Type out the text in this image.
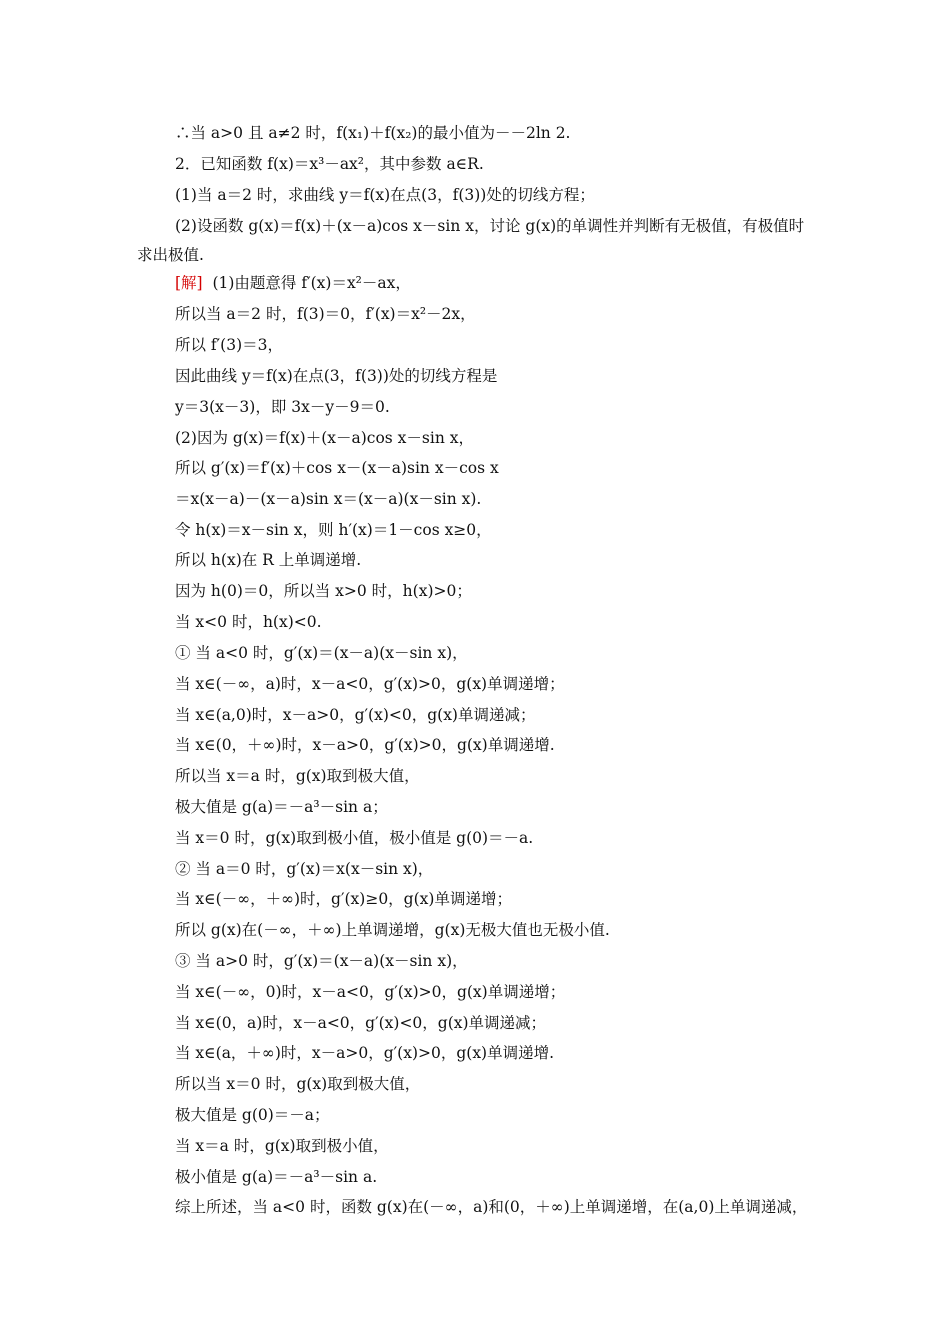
∴当 a>0 且 a≠2 时，f(x₁)＋f(x₂)的最小值为－－2ln 2.
2．已知函数 f(x)＝x³－ax²，其中参数 a∈R.
(1)当 a＝2 时，求曲线 y＝f(x)在点(3，f(3))处的切线方程；
(2)设函数 g(x)＝f(x)＋(x－a)cos x－sin x，讨论 g(x)的单调性并判断有无极值，有极值时
求出极值.
[解] (1)由题意得 f′(x)＝x²－ax，
所以当 a＝2 时，f(3)＝0，f′(x)＝x²－2x，
所以 f′(3)＝3，
因此曲线 y＝f(x)在点(3，f(3))处的切线方程是
y＝3(x－3)，即 3x－y－9＝0.
(2)因为 g(x)＝f(x)＋(x－a)cos x－sin x，
所以 g′(x)＝f′(x)＋cos x－(x－a)sin x－cos x
＝x(x－a)－(x－a)sin x＝(x－a)(x－sin x).
令 h(x)＝x－sin x，则 h′(x)＝1－cos x≥0，
所以 h(x)在 R 上单调递增.
因为 h(0)＝0，所以当 x>0 时，h(x)>0；
当 x<0 时，h(x)<0.
① 当 a<0 时，g′(x)＝(x－a)(x－sin x)，
当 x∈(－∞，a)时，x－a<0，g′(x)>0，g(x)单调递增；
当 x∈(a,0)时，x－a>0，g′(x)<0，g(x)单调递减；
当 x∈(0，＋∞)时，x－a>0，g′(x)>0，g(x)单调递增.
所以当 x＝a 时，g(x)取到极大值，
极大值是 g(a)＝－a³－sin a；
当 x＝0 时，g(x)取到极小值，极小值是 g(0)＝－a.
② 当 a＝0 时，g′(x)＝x(x－sin x)，
当 x∈(－∞，＋∞)时，g′(x)≥0，g(x)单调递增；
所以 g(x)在(－∞，＋∞)上单调递增，g(x)无极大值也无极小值.
③ 当 a>0 时，g′(x)＝(x－a)(x－sin x)，
当 x∈(－∞，0)时，x－a<0，g′(x)>0，g(x)单调递增；
当 x∈(0，a)时，x－a<0，g′(x)<0，g(x)单调递减；
当 x∈(a，＋∞)时，x－a>0，g′(x)>0，g(x)单调递增.
所以当 x＝0 时，g(x)取到极大值，
极大值是 g(0)＝－a；
当 x＝a 时，g(x)取到极小值，
极小值是 g(a)＝－a³－sin a.
综上所述，当 a<0 时，函数 g(x)在(－∞，a)和(0，＋∞)上单调递增，在(a,0)上单调递减，
